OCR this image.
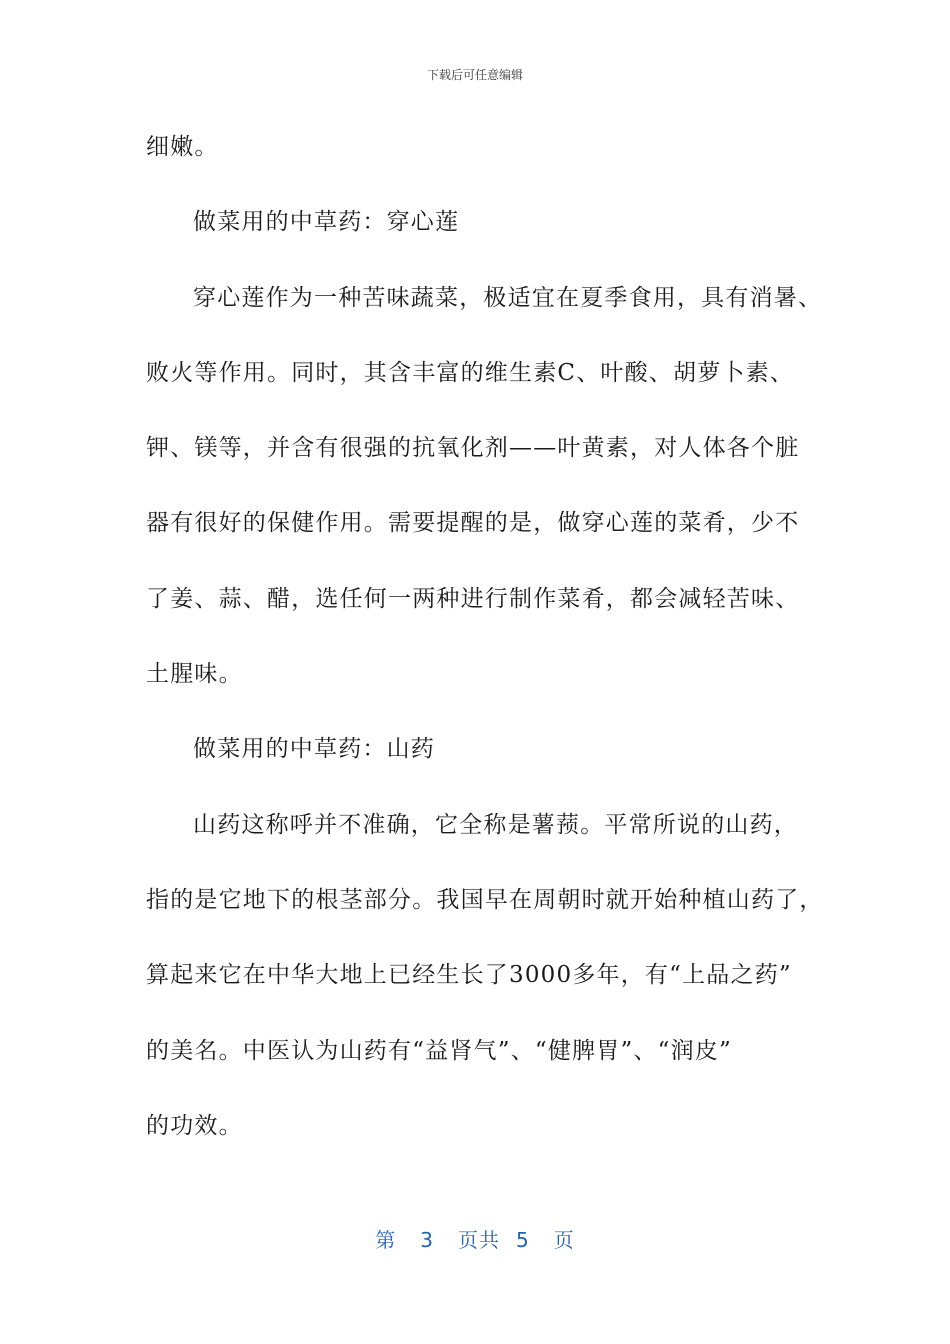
下载后可任意编辑
细嫩。
做菜用的中草药：穿心莲
穿心莲作为一种苦味蔬菜，极适宜在夏季食用，具有消暑、
败火等作用。同时，其含丰富的维生素C、叶酸、胡萝卜素、
钾、镁等，并含有很强的抗氧化剂——叶黄素，对人体各个脏
器有很好的保健作用。需要提醒的是，做穿心莲的菜肴，少不
了姜、蒜、醋，选任何一两种进行制作菜肴，都会减轻苦味、
土腥味。
做菜用的中草药：山药
山药这称呼并不准确，它全称是薯蓣。平常所说的山药，
指的是它地下的根茎部分。我国早在周朝时就开始种植山药了，
算起来它在中华大地上已经生长了3000多年，有“上品之药”
的美名。中医认为山药有“益肾气”、“健脾胃”、“润皮”
的功效。
第 3 页共 5 页
